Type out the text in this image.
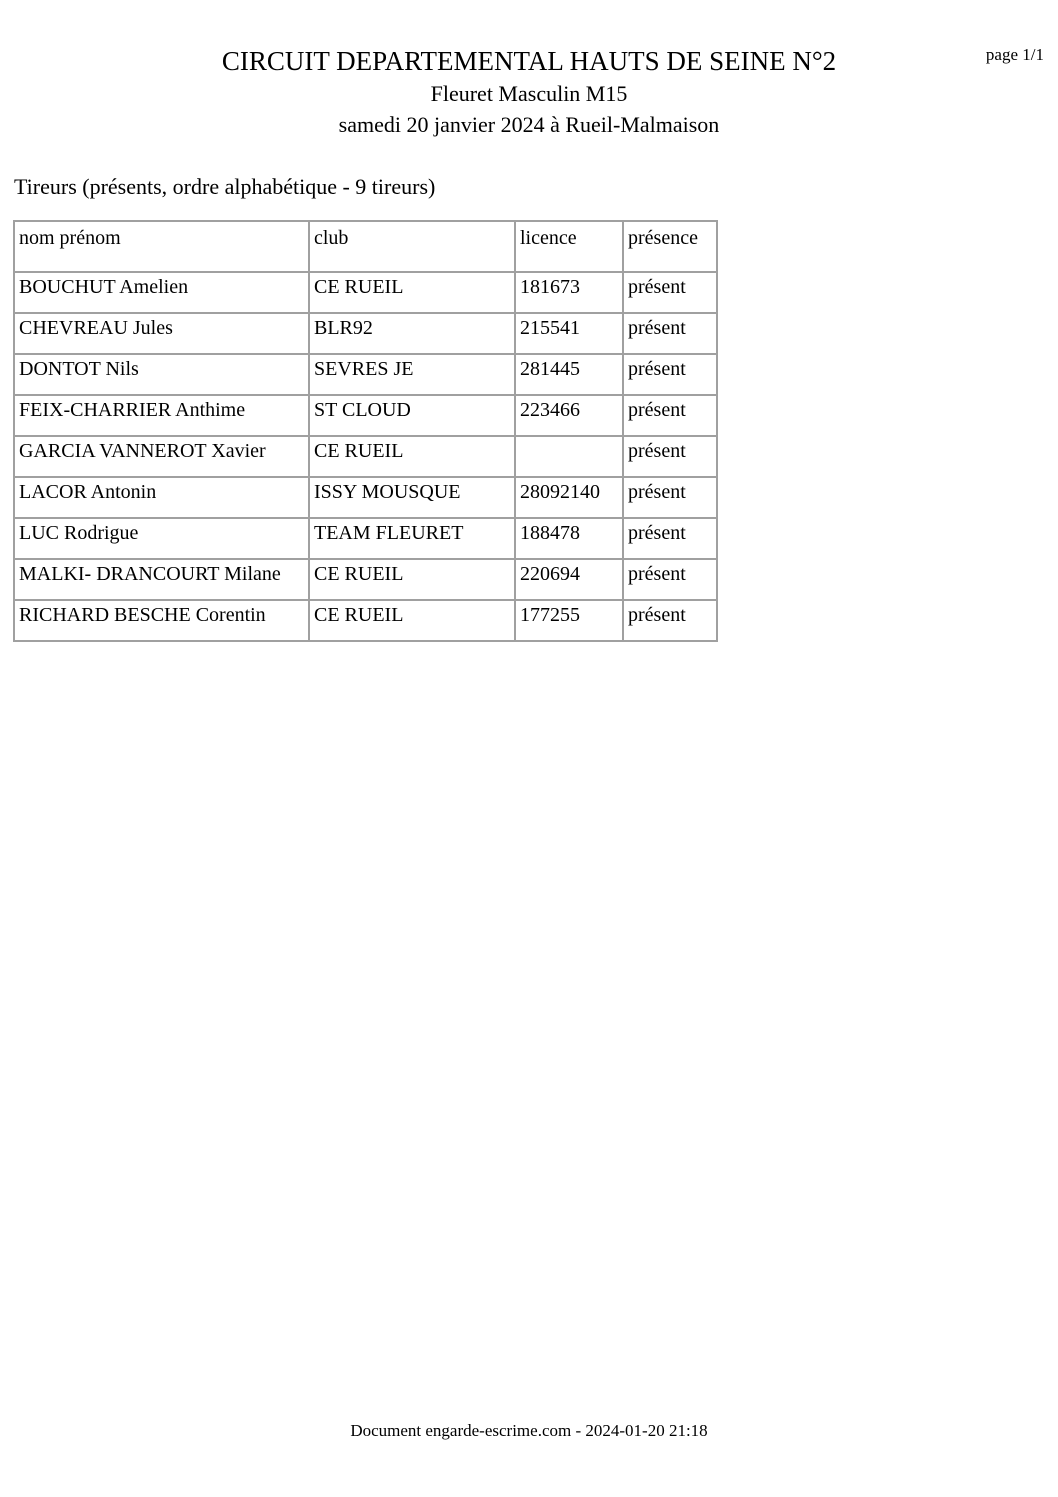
page 1/1

CIRCUIT DEPARTEMENTAL HAUTS DE SEINE N°2

Fleuret Masculin M15

samedi 20 janvier 2024 à Rueil-Malmaison

Tireurs (présents, ordre alphabétique - 9 tireurs)

nom prénom	club	licence	présence
BOUCHUT Amelien	CE RUEIL	181673	présent
CHEVREAU Jules	BLR92	215541	présent
DONTOT Nils	SEVRES JE	281445	présent
FEIX-CHARRIER Anthime	ST CLOUD	223466	présent
GARCIA VANNEROT Xavier	CE RUEIL		présent
LACOR Antonin	ISSY MOUSQUE	28092140	présent
LUC Rodrigue	TEAM FLEURET	188478	présent
MALKI- DRANCOURT Milane	CE RUEIL	220694	présent
RICHARD BESCHE Corentin	CE RUEIL	177255	présent
Document engarde-escrime.com - 2024-01-20 21:18
